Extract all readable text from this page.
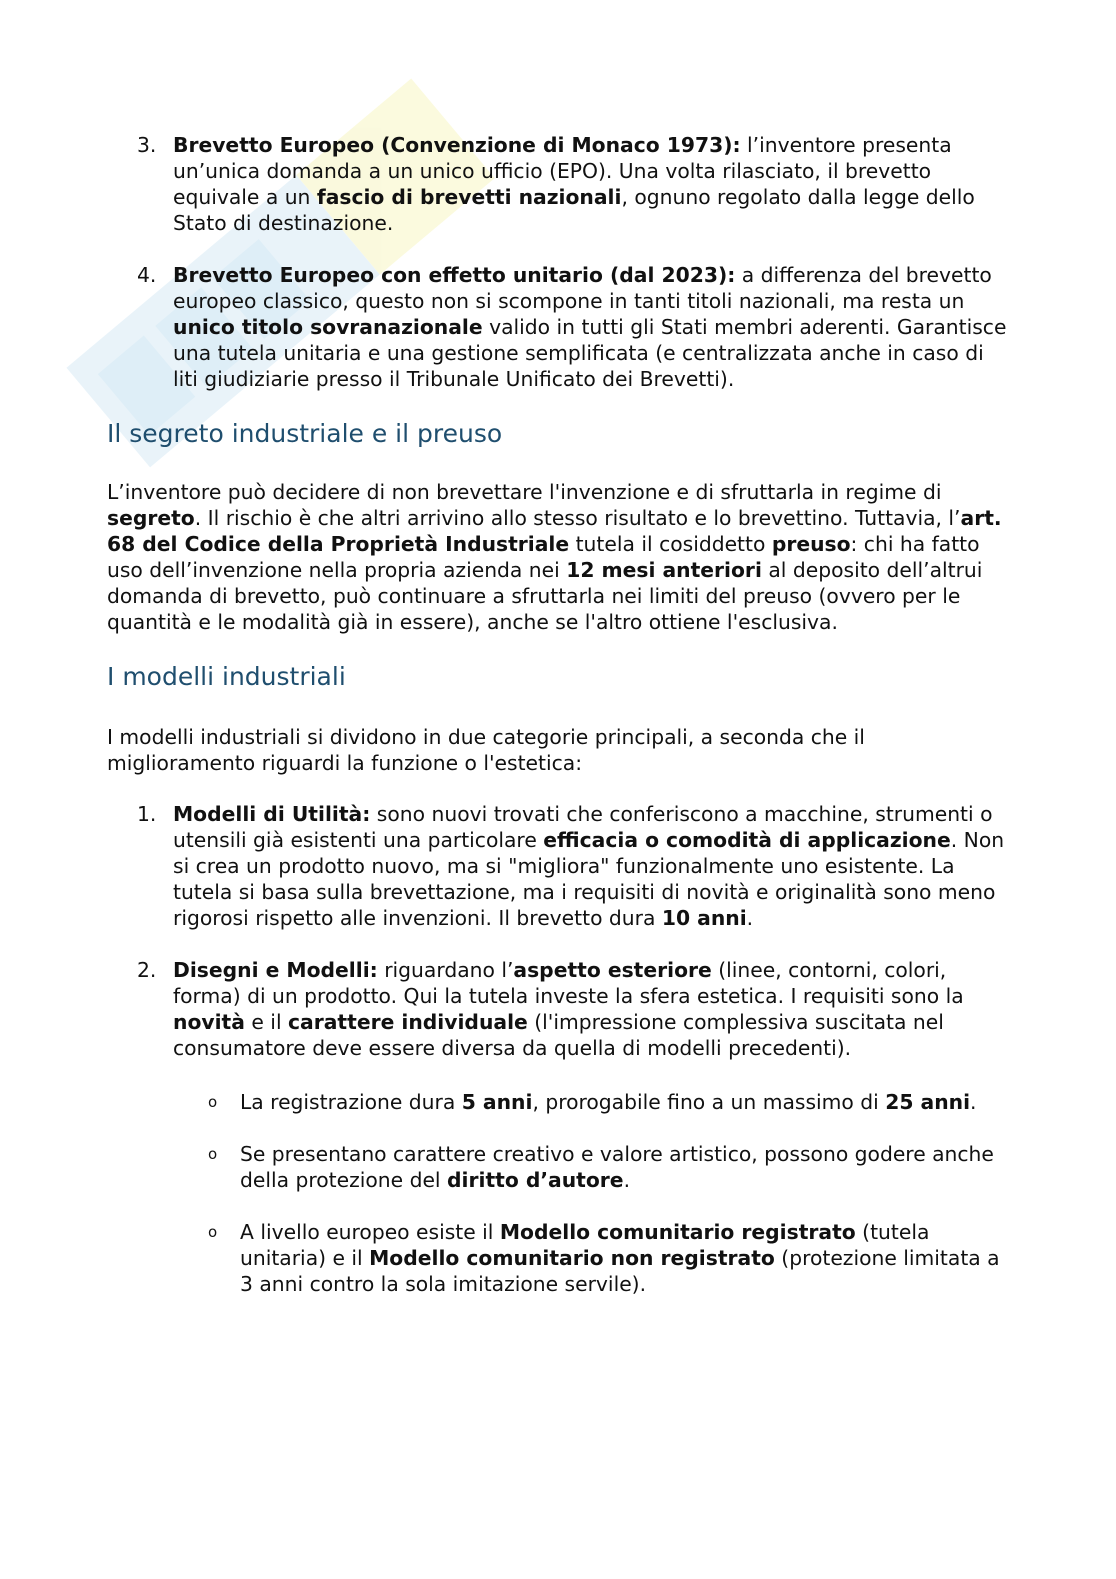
3. Brevetto Europeo (Convenzione di Monaco 1973): l’inventore presenta un’unica domanda a un unico ufficio (EPO). Una volta rilasciato, il brevetto equivale a un fascio di brevetti nazionali, ognuno regolato dalla legge dello Stato di destinazione.
4. Brevetto Europeo con effetto unitario (dal 2023): a differenza del brevetto europeo classico, questo non si scompone in tanti titoli nazionali, ma resta un unico titolo sovranazionale valido in tutti gli Stati membri aderenti. Garantisce una tutela unitaria e una gestione semplificata (e centralizzata anche in caso di liti giudiziarie presso il Tribunale Unificato dei Brevetti).
Il segreto industriale e il preuso
L’inventore può decidere di non brevettare l'invenzione e di sfruttarla in regime di segreto. Il rischio è che altri arrivino allo stesso risultato e lo brevettino. Tuttavia, l’art. 68 del Codice della Proprietà Industriale tutela il cosiddetto preuso: chi ha fatto uso dell’invenzione nella propria azienda nei 12 mesi anteriori al deposito dell’altrui domanda di brevetto, può continuare a sfruttarla nei limiti del preuso (ovvero per le quantità e le modalità già in essere), anche se l'altro ottiene l'esclusiva.
I modelli industriali
I modelli industriali si dividono in due categorie principali, a seconda che il miglioramento riguardi la funzione o l'estetica:
1. Modelli di Utilità: sono nuovi trovati che conferiscono a macchine, strumenti o utensili già esistenti una particolare efficacia o comodità di applicazione. Non si crea un prodotto nuovo, ma si "migliora" funzionalmente uno esistente. La tutela si basa sulla brevettazione, ma i requisiti di novità e originalità sono meno rigorosi rispetto alle invenzioni. Il brevetto dura 10 anni.
2. Disegni e Modelli: riguardano l’aspetto esteriore (linee, contorni, colori, forma) di un prodotto. Qui la tutela investe la sfera estetica. I requisiti sono la novità e il carattere individuale (l'impressione complessiva suscitata nel consumatore deve essere diversa da quella di modelli precedenti).
o La registrazione dura 5 anni, prorogabile fino a un massimo di 25 anni.
o Se presentano carattere creativo e valore artistico, possono godere anche della protezione del diritto d’autore.
o A livello europeo esiste il Modello comunitario registrato (tutela unitaria) e il Modello comunitario non registrato (protezione limitata a 3 anni contro la sola imitazione servile).
